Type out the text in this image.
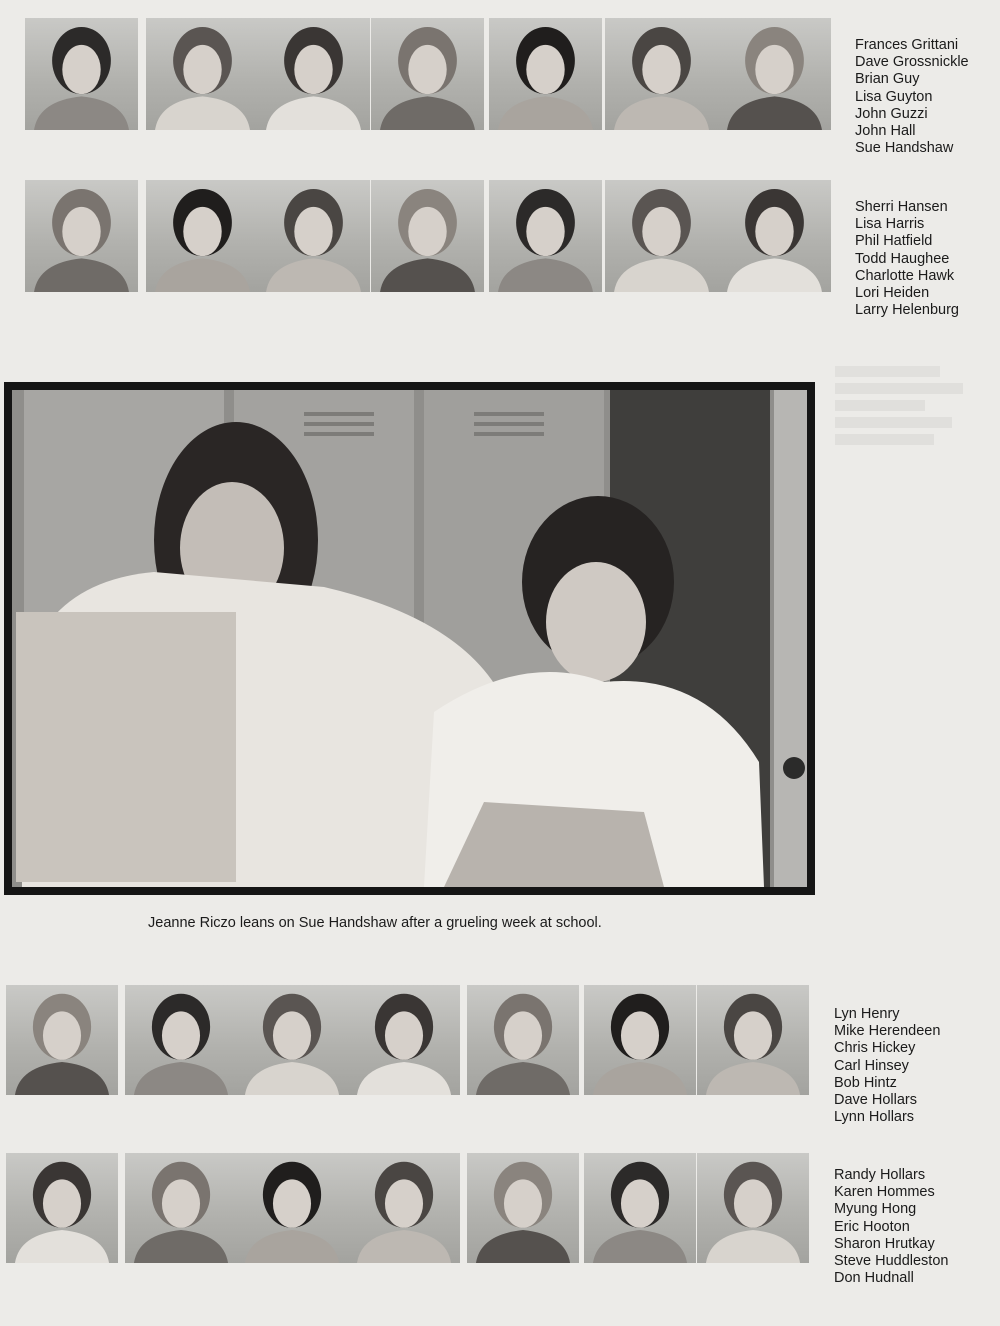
Frances Grittani
Dave Grossnickle
Brian Guy
Lisa Guyton
John Guzzi
John Hall
Sue Handshaw
Sherri Hansen
Lisa Harris
Phil Hatfield
Todd Haughee
Charlotte Hawk
Lori Heiden
Larry Helenburg
Jeanne Riczo leans on Sue Handshaw after a grueling week at school.
Lyn Henry
Mike Herendeen
Chris Hickey
Carl Hinsey
Bob Hintz
Dave Hollars
Lynn Hollars
Randy Hollars
Karen Hommes
Myung Hong
Eric Hooton
Sharon Hrutkay
Steve Huddleston
Don Hudnall
